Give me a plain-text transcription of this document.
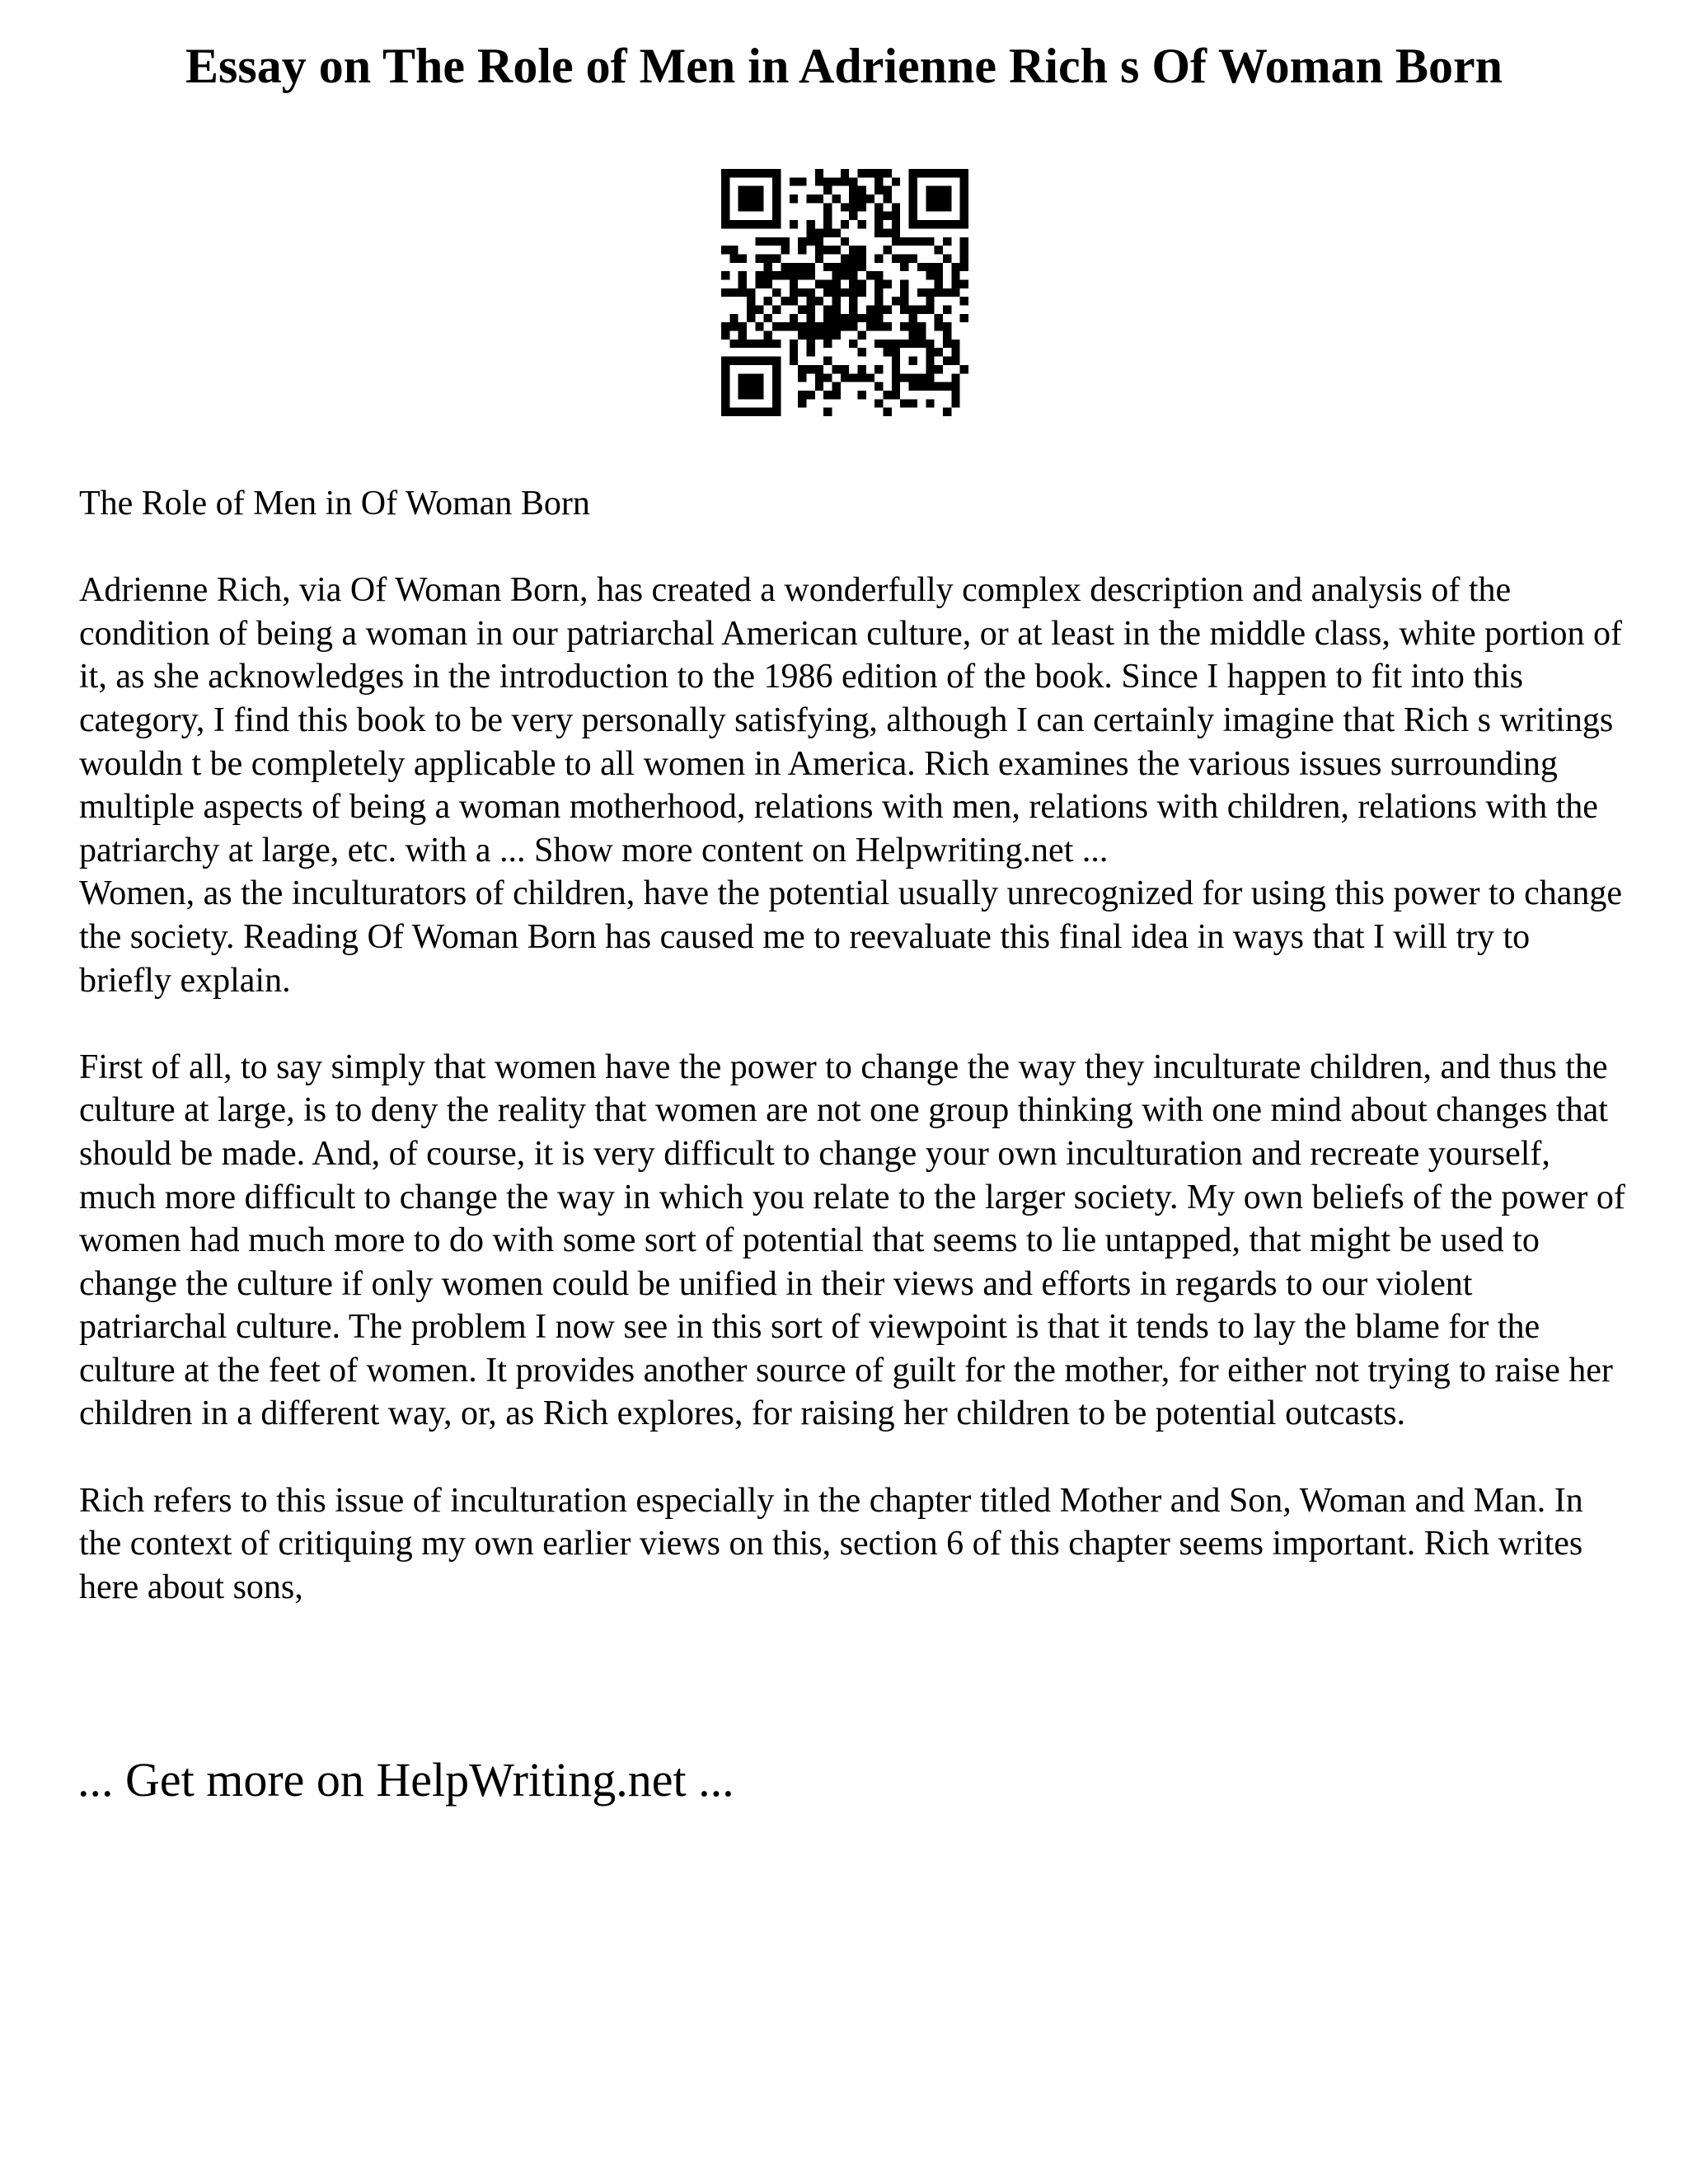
Essay on The Role of Men in Adrienne Rich s Of Woman Born

The Role of Men in Of Woman Born

Adrienne Rich, via Of Woman Born, has created a wonderfully complex description and analysis of the condition of being a woman in our patriarchal American culture, or at least in the middle class, white portion of it, as she acknowledges in the introduction to the 1986 edition of the book. Since I happen to fit into this category, I find this book to be very personally satisfying, although I can certainly imagine that Rich s writings wouldn t be completely applicable to all women in America. Rich examines the various issues surrounding multiple aspects of being a woman motherhood, relations with men, relations with children, relations with the patriarchy at large, etc. with a ... Show more content on Helpwriting.net ...

Women, as the inculturators of children, have the potential usually unrecognized for using this power to change the society. Reading Of Woman Born has caused me to reevaluate this final idea in ways that I will try to briefly explain.

First of all, to say simply that women have the power to change the way they inculturate children, and thus the culture at large, is to deny the reality that women are not one group thinking with one mind about changes that should be made. And, of course, it is very difficult to change your own inculturation and recreate yourself, much more difficult to change the way in which you relate to the larger society. My own beliefs of the power of women had much more to do with some sort of potential that seems to lie untapped, that might be used to change the culture if only women could be unified in their views and efforts in regards to our violent patriarchal culture. The problem I now see in this sort of viewpoint is that it tends to lay the blame for the culture at the feet of women. It provides another source of guilt for the mother, for either not trying to raise her children in a different way, or, as Rich explores, for raising her children to be potential outcasts.

Rich refers to this issue of inculturation especially in the chapter titled Mother and Son, Woman and Man. In the context of critiquing my own earlier views on this, section 6 of this chapter seems important. Rich writes here about sons,

... Get more on HelpWriting.net ...
